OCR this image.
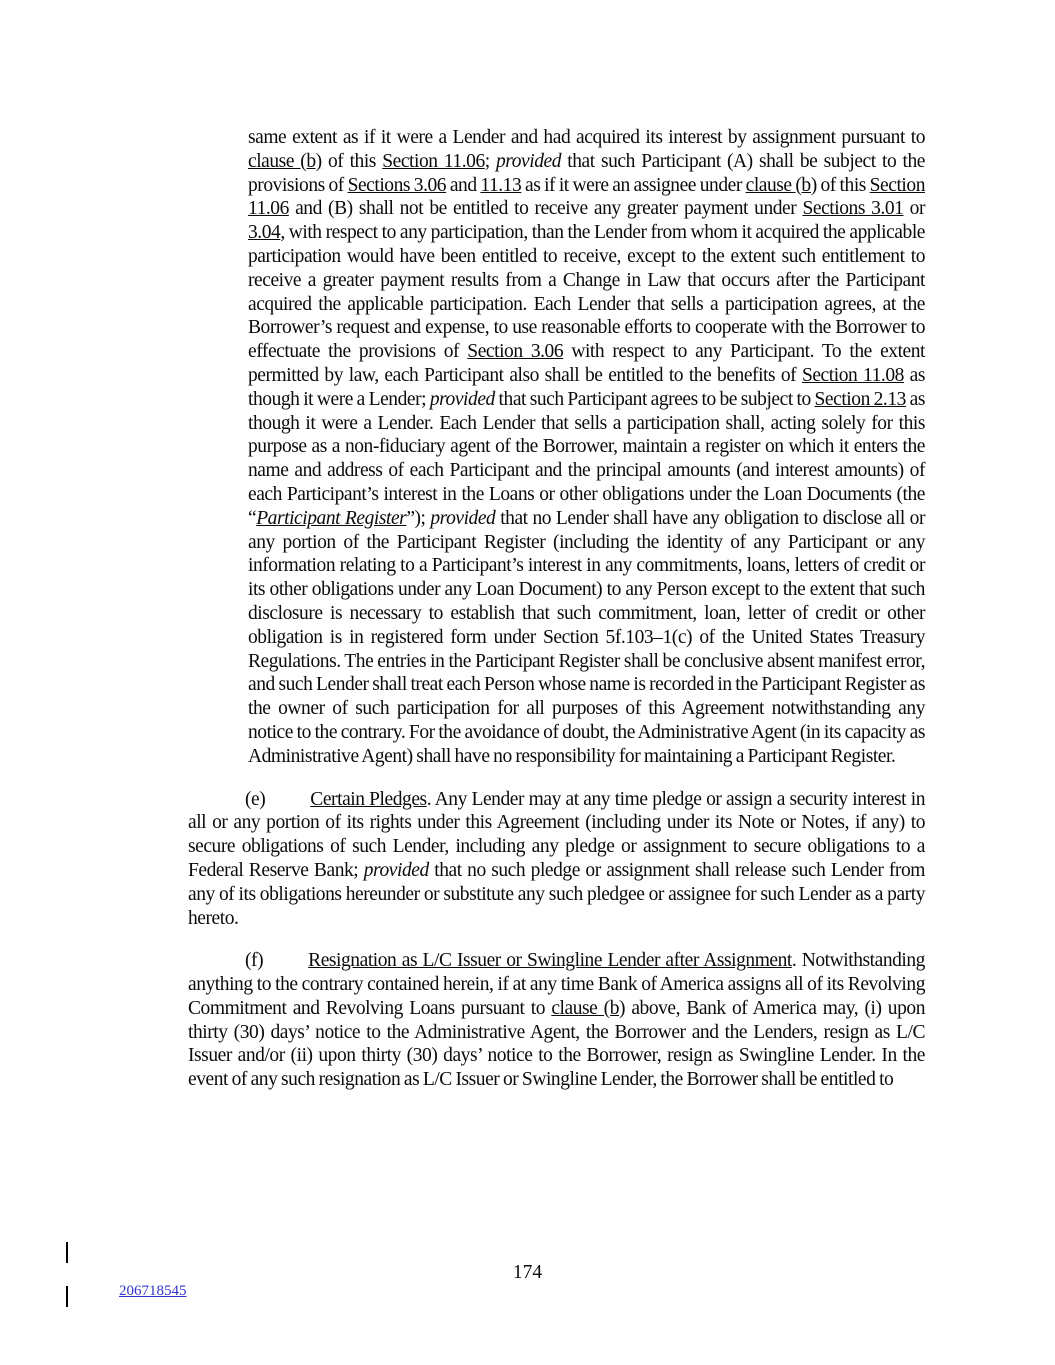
same extent as if it were a Lender and had acquired its interest by assignment pursuant to clause (b) of this Section 11.06; provided that such Participant (A) shall be subject to the provisions of Sections 3.06 and 11.13 as if it were an assignee under clause (b) of this Section 11.06 and (B) shall not be entitled to receive any greater payment under Sections 3.01 or 3.04, with respect to any participation, than the Lender from whom it acquired the applicable participation would have been entitled to receive, except to the extent such entitlement to receive a greater payment results from a Change in Law that occurs after the Participant acquired the applicable participation. Each Lender that sells a participation agrees, at the Borrower’s request and expense, to use reasonable efforts to cooperate with the Borrower to effectuate the provisions of Section 3.06 with respect to any Participant. To the extent permitted by law, each Participant also shall be entitled to the benefits of Section 11.08 as though it were a Lender; provided that such Participant agrees to be subject to Section 2.13 as though it were a Lender. Each Lender that sells a participation shall, acting solely for this purpose as a non-fiduciary agent of the Borrower, maintain a register on which it enters the name and address of each Participant and the principal amounts (and interest amounts) of each Participant’s interest in the Loans or other obligations under the Loan Documents (the “Participant Register”); provided that no Lender shall have any obligation to disclose all or any portion of the Participant Register (including the identity of any Participant or any information relating to a Participant’s interest in any commitments, loans, letters of credit or its other obligations under any Loan Document) to any Person except to the extent that such disclosure is necessary to establish that such commitment, loan, letter of credit or other obligation is in registered form under Section 5f.103–1(c) of the United States Treasury Regulations. The entries in the Participant Register shall be conclusive absent manifest error, and such Lender shall treat each Person whose name is recorded in the Participant Register as the owner of such participation for all purposes of this Agreement notwithstanding any notice to the contrary. For the avoidance of doubt, the Administrative Agent (in its capacity as Administrative Agent) shall have no responsibility for maintaining a Participant Register.

(e) Certain Pledges. Any Lender may at any time pledge or assign a security interest in all or any portion of its rights under this Agreement (including under its Note or Notes, if any) to secure obligations of such Lender, including any pledge or assignment to secure obligations to a Federal Reserve Bank; provided that no such pledge or assignment shall release such Lender from any of its obligations hereunder or substitute any such pledgee or assignee for such Lender as a party hereto.

(f) Resignation as L/C Issuer or Swingline Lender after Assignment. Notwithstanding anything to the contrary contained herein, if at any time Bank of America assigns all of its Revolving Commitment and Revolving Loans pursuant to clause (b) above, Bank of America may, (i) upon thirty (30) days’ notice to the Administrative Agent, the Borrower and the Lenders, resign as L/C Issuer and/or (ii) upon thirty (30) days’ notice to the Borrower, resign as Swingline Lender. In the event of any such resignation as L/C Issuer or Swingline Lender, the Borrower shall be entitled to

174
206718545
